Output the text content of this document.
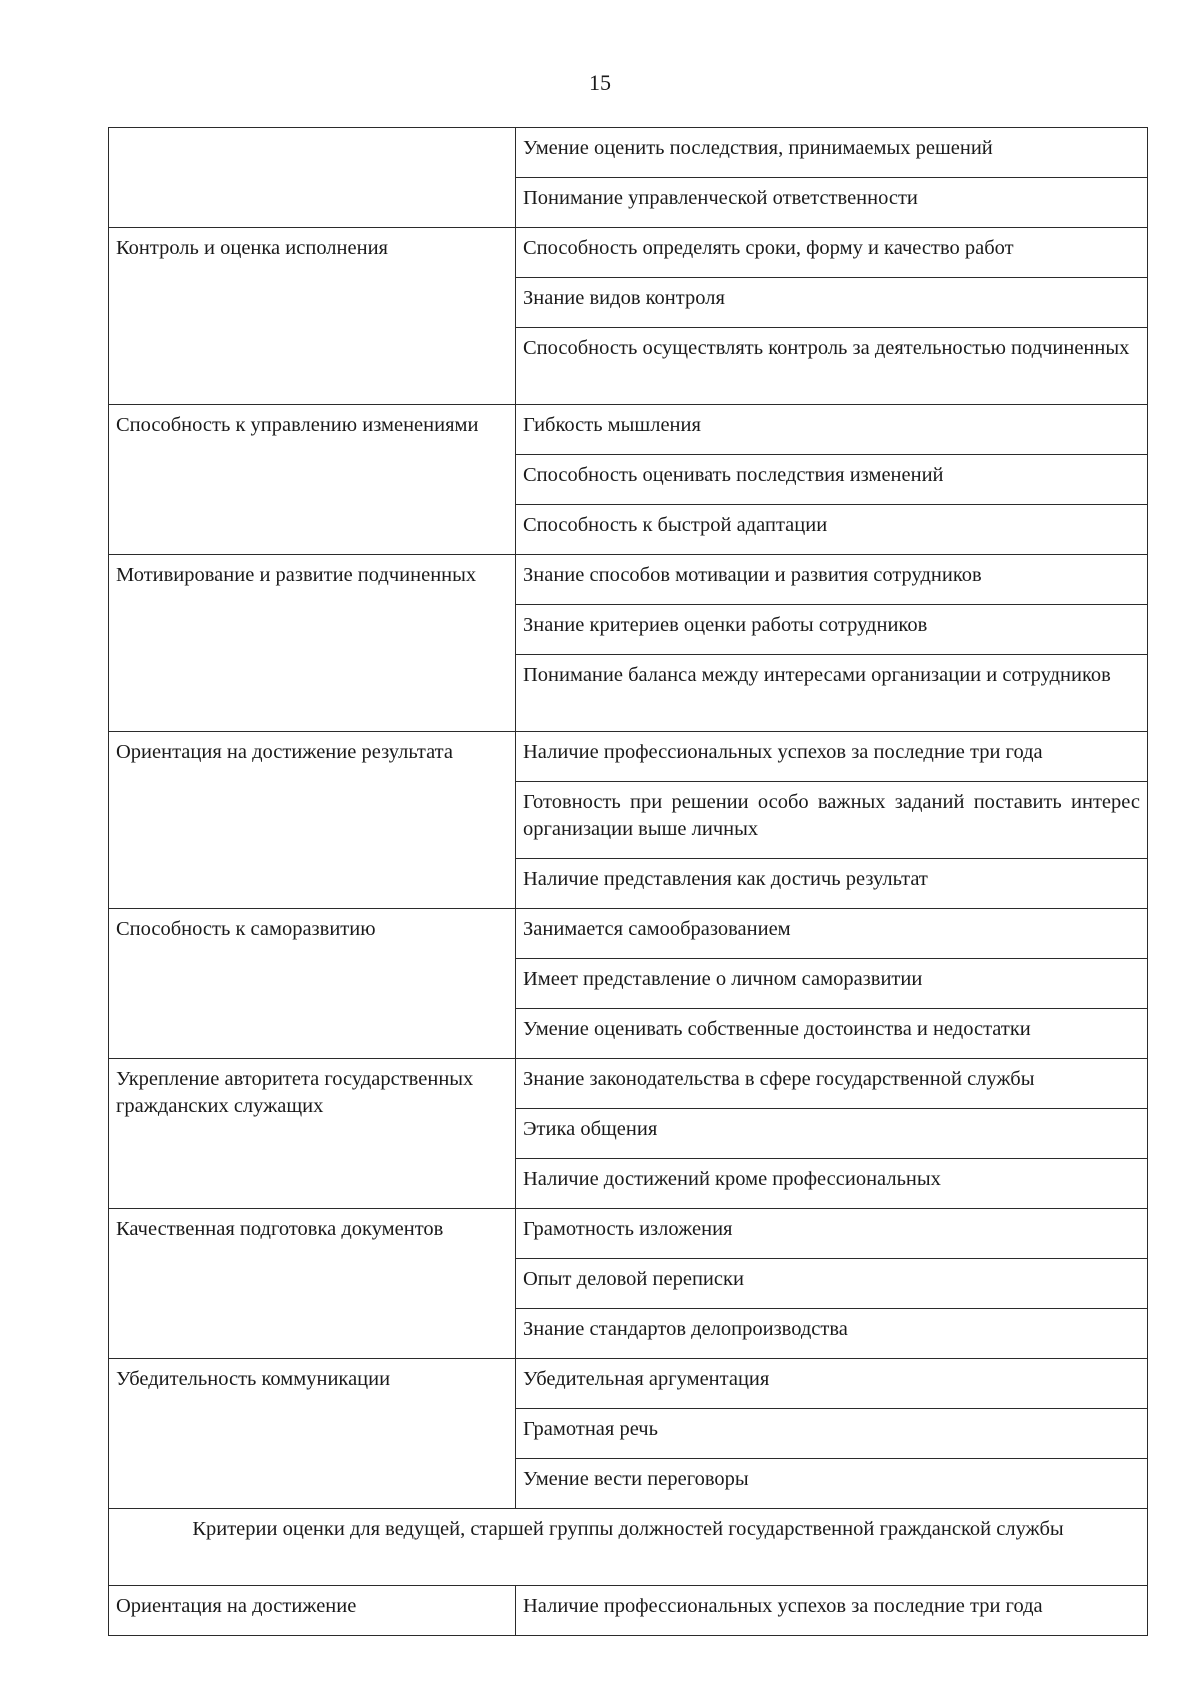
15
	Умение оценить последствия, принимаемых решений
	Понимание управленческой ответственности
Контроль и оценка исполнения	Способность определять сроки, форму и качество работ
	Знание видов контроля
	Способность осуществлять контроль за деятельностью подчиненных
Способность к управлению изменениями	Гибкость мышления
	Способность оценивать последствия изменений
	Способность к быстрой адаптации
Мотивирование и развитие подчиненных	Знание способов мотивации и развития сотрудников
	Знание критериев оценки работы сотрудников
	Понимание баланса между интересами организации и сотрудников
Ориентация на достижение результата	Наличие профессиональных успехов за последние три года
	Готовность при решении особо важных заданий поставить интерес организации выше личных
	Наличие представления как достичь результат
Способность к саморазвитию	Занимается самообразованием
	Имеет представление о личном саморазвитии
	Умение оценивать собственные достоинства и недостатки
Укрепление авторитета государственных гражданских служащих	Знание законодательства в сфере государственной службы
	Этика общения
	Наличие достижений кроме профессиональных
Качественная подготовка документов	Грамотность изложения
	Опыт деловой переписки
	Знание стандартов делопроизводства
Убедительность коммуникации	Убедительная аргументация
	Грамотная речь
	Умение вести переговоры
Критерии оценки для ведущей, старшей группы должностей государственной гражданской службы	
Ориентация на достижение	Наличие профессиональных успехов за последние три года
